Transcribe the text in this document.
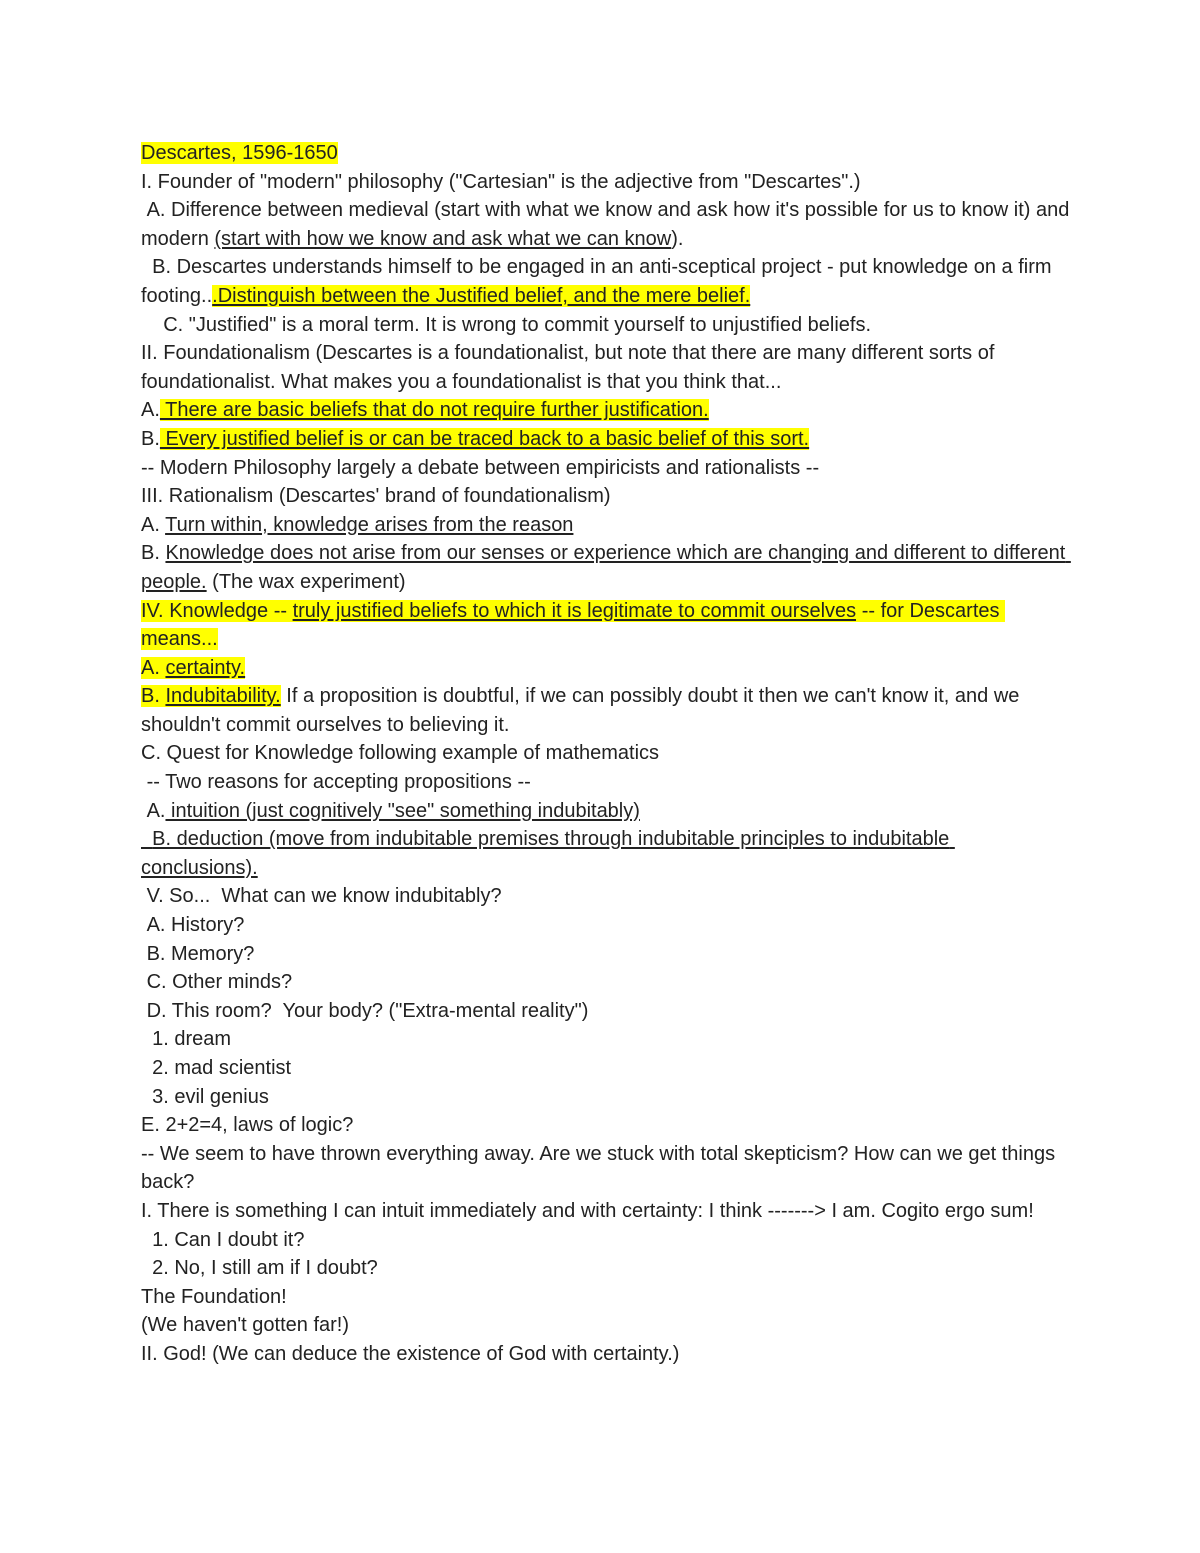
Descartes, 1596-1650
I. Founder of "modern" philosophy ("Cartesian" is the adjective from "Descartes".)
A. Difference between medieval (start with what we know and ask how it's possible for us to know it) and modern (start with how we know and ask what we can know).
B. Descartes understands himself to be engaged in an anti-sceptical project - put knowledge on a firm footing...Distinguish between the Justified belief, and the mere belief.
C. "Justified" is a moral term. It is wrong to commit yourself to unjustified beliefs.
II. Foundationalism (Descartes is a foundationalist, but note that there are many different sorts of foundationalist. What makes you a foundationalist is that you think that...
A. There are basic beliefs that do not require further justification.
B. Every justified belief is or can be traced back to a basic belief of this sort.
-- Modern Philosophy largely a debate between empiricists and rationalists --
III. Rationalism (Descartes' brand of foundationalism)
A. Turn within, knowledge arises from the reason
B. Knowledge does not arise from our senses or experience which are changing and different to different people. (The wax experiment)
IV. Knowledge -- truly justified beliefs to which it is legitimate to commit ourselves -- for Descartes means...
A. certainty.
B. Indubitability. If a proposition is doubtful, if we can possibly doubt it then we can't know it, and we shouldn't commit ourselves to believing it.
C. Quest for Knowledge following example of mathematics
-- Two reasons for accepting propositions --
A. intuition (just cognitively "see" something indubitably)
B. deduction (move from indubitable premises through indubitable principles to indubitable conclusions).
V. So...  What can we know indubitably?
A. History?
B. Memory?
C. Other minds?
D. This room?  Your body? ("Extra-mental reality")
1. dream
2. mad scientist
3. evil genius
E. 2+2=4, laws of logic?
-- We seem to have thrown everything away. Are we stuck with total skepticism? How can we get things back?
I. There is something I can intuit immediately and with certainty: I think -------> I am. Cogito ergo sum!
1. Can I doubt it?
2. No, I still am if I doubt?
The Foundation!
(We haven't gotten far!)
II. God! (We can deduce the existence of God with certainty.)
